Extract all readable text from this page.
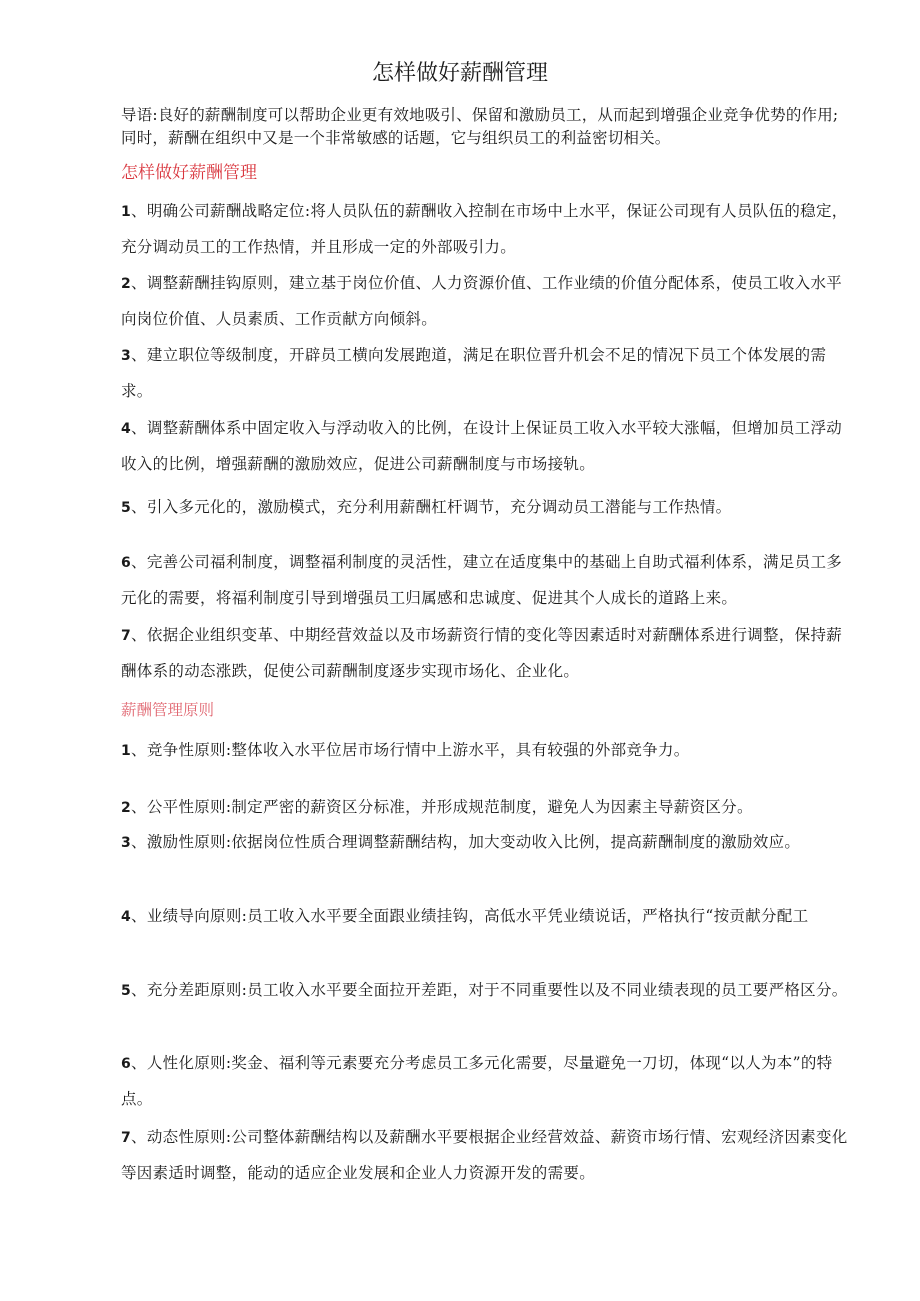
怎样做好薪酬管理
导语:良好的薪酬制度可以帮助企业更有效地吸引、保留和激励员工，从而起到增强企业竞争优势的作用;同时，薪酬在组织中又是一个非常敏感的话题，它与组织员工的利益密切相关。
怎样做好薪酬管理
1、明确公司薪酬战略定位:将人员队伍的薪酬收入控制在市场中上水平，保证公司现有人员队伍的稳定，充分调动员工的工作热情，并且形成一定的外部吸引力。
2、调整薪酬挂钩原则，建立基于岗位价值、人力资源价值、工作业绩的价值分配体系，使员工收入水平向岗位价值、人员素质、工作贡献方向倾斜。
3、建立职位等级制度，开辟员工横向发展跑道，满足在职位晋升机会不足的情况下员工个体发展的需求。
4、调整薪酬体系中固定收入与浮动收入的比例，在设计上保证员工收入水平较大涨幅，但增加员工浮动收入的比例，增强薪酬的激励效应，促进公司薪酬制度与市场接轨。
5、引入多元化的，激励模式，充分利用薪酬杠杆调节，充分调动员工潜能与工作热情。
6、完善公司福利制度，调整福利制度的灵活性，建立在适度集中的基础上自助式福利体系，满足员工多元化的需要，将福利制度引导到增强员工归属感和忠诚度、促进其个人成长的道路上来。
7、依据企业组织变革、中期经营效益以及市场薪资行情的变化等因素适时对薪酬体系进行调整，保持薪酬体系的动态涨跌，促使公司薪酬制度逐步实现市场化、企业化。
薪酬管理原则
1、竞争性原则:整体收入水平位居市场行情中上游水平，具有较强的外部竞争力。
2、公平性原则:制定严密的薪资区分标准，并形成规范制度，避免人为因素主导薪资区分。
3、激励性原则:依据岗位性质合理调整薪酬结构，加大变动收入比例，提高薪酬制度的激励效应。
4、业绩导向原则:员工收入水平要全面跟业绩挂钩，高低水平凭业绩说话，严格执行“按贡献分配工
5、充分差距原则:员工收入水平要全面拉开差距，对于不同重要性以及不同业绩表现的员工要严格区分。
6、人性化原则:奖金、福利等元素要充分考虑员工多元化需要，尽量避免一刀切，体现“以人为本”的特点。
7、动态性原则:公司整体薪酬结构以及薪酬水平要根据企业经营效益、薪资市场行情、宏观经济因素变化等因素适时调整，能动的适应企业发展和企业人力资源开发的需要。
